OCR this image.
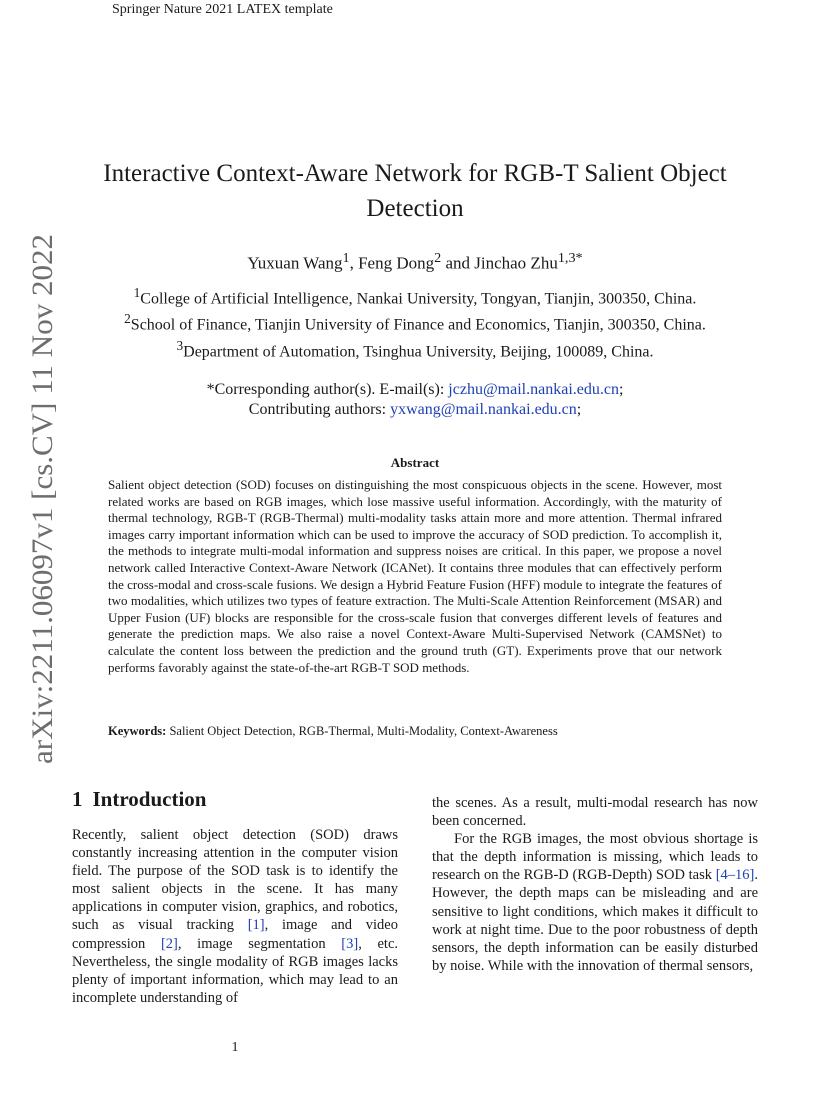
Springer Nature 2021 LATEX template
arXiv:2211.06097v1 [cs.CV] 11 Nov 2022
Interactive Context-Aware Network for RGB-T Salient Object Detection
Yuxuan Wang$^1$, Feng Dong$^2$ and Jinchao Zhu$^{1,3*}$
$^1$College of Artificial Intelligence, Nankai University, Tongyan, Tianjin, 300350, China.
$^2$School of Finance, Tianjin University of Finance and Economics, Tianjin, 300350, China.
$^3$Department of Automation, Tsinghua University, Beijing, 100089, China.
*Corresponding author(s). E-mail(s): jczhu@mail.nankai.edu.cn;
Contributing authors: yxwang@mail.nankai.edu.cn;
Abstract
Salient object detection (SOD) focuses on distinguishing the most conspicuous objects in the scene. However, most related works are based on RGB images, which lose massive useful information. Accordingly, with the maturity of thermal technology, RGB-T (RGB-Thermal) multi-modality tasks attain more and more attention. Thermal infrared images carry important information which can be used to improve the accuracy of SOD prediction. To accomplish it, the methods to integrate multi-modal information and suppress noises are critical. In this paper, we propose a novel network called Interactive Context-Aware Network (ICANet). It contains three modules that can effectively perform the cross-modal and cross-scale fusions. We design a Hybrid Feature Fusion (HFF) module to integrate the features of two modalities, which utilizes two types of feature extraction. The Multi-Scale Attention Reinforcement (MSAR) and Upper Fusion (UF) blocks are responsible for the cross-scale fusion that converges different levels of features and generate the prediction maps. We also raise a novel Context-Aware Multi-Supervised Network (CAMSNet) to calculate the content loss between the prediction and the ground truth (GT). Experiments prove that our network performs favorably against the state-of-the-art RGB-T SOD methods.
Keywords: Salient Object Detection, RGB-Thermal, Multi-Modality, Context-Awareness
1 Introduction

Recently, salient object detection (SOD) draws constantly increasing attention in the computer vision field. The purpose of the SOD task is to identify the most salient objects in the scene. It has many applications in computer vision, graphics, and robotics, such as visual tracking [1], image and video compression [2], image segmentation [3], etc. Nevertheless, the single modality of RGB images lacks plenty of important information, which may lead to an incomplete understanding of

the scenes. As a result, multi-modal research has now been concerned.

For the RGB images, the most obvious shortage is that the depth information is missing, which leads to research on the RGB-D (RGB-Depth) SOD task [4–16]. However, the depth maps can be misleading and are sensitive to light conditions, which makes it difficult to work at night time. Due to the poor robustness of depth sensors, the depth information can be easily disturbed by noise. While with the innovation of thermal sensors,

1
